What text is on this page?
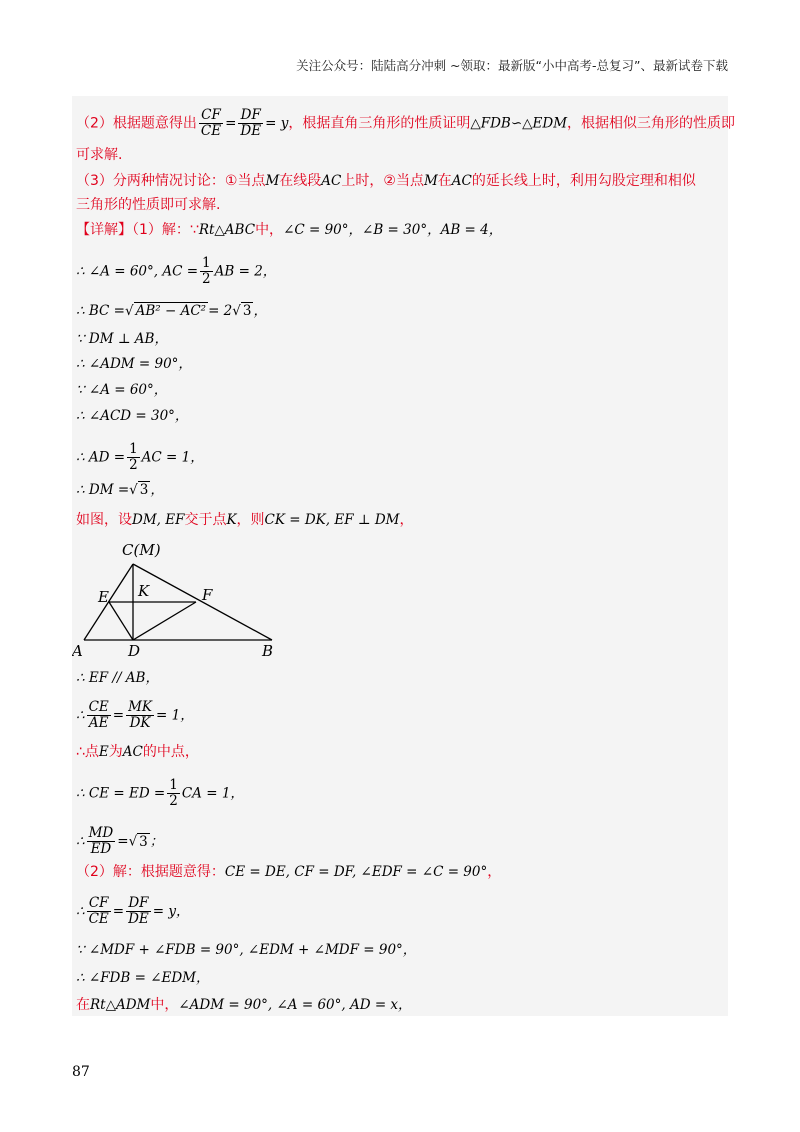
关注公众号：陆陆高分冲刺 ~领取：最新版“小中高考-总复习”、最新试卷下载
（2）根据题意得出 $\frac{CF}{CE} = \frac{DF}{DE} = y$，根据直角三角形的性质证明△FDB∽△EDM，根据相似三角形的性质即
可求解.
（3）分两种情况讨论：①当点M在线段AC上时，②当点M在AC的延长线上时，利用勾股定理和相似
三角形的性质即可求解.
【详解】（1）解：∵Rt△ABC中，∠C = 90°，∠B = 30°，AB = 4，
∴ ∠A = 60°, AC = $\frac{1}{2}$ AB = 2，
∴ BC =√ AB² − AC² = 2√ 3 ，
∵ DM ⊥ AB，
∴ ∠ADM = 90°，
∵ ∠A = 60°，
∴ ∠ACD = 30°，
∴ AD = $\frac{1}{2}$ AC = 1，
∴ DM =√ 3 ，
如图，设DM, EF交于点K，则CK = DK, EF ⊥ DM，
C(M)
E K	F
A	D	B
∴ EF // AB，
∴ $\frac{CE}{AE} = \frac{MK}{DK} = 1$，
∴点E为AC的中点，
∴ CE = ED = $\frac{1}{2}$ CA = 1，
∴ $\frac{MD}{ED}$ =√ 3 ；
（2）解：根据题意得：CE = DE, CF = DF, ∠EDF = ∠C = 90°，
∴ $\frac{CF}{CE} = \frac{DF}{DE} = y$，
∵ ∠MDF + ∠FDB = 90°, ∠EDM + ∠MDF = 90°，
∴ ∠FDB = ∠EDM，
在Rt△ADM中，∠ADM = 90°, ∠A = 60°, AD = x，
87
